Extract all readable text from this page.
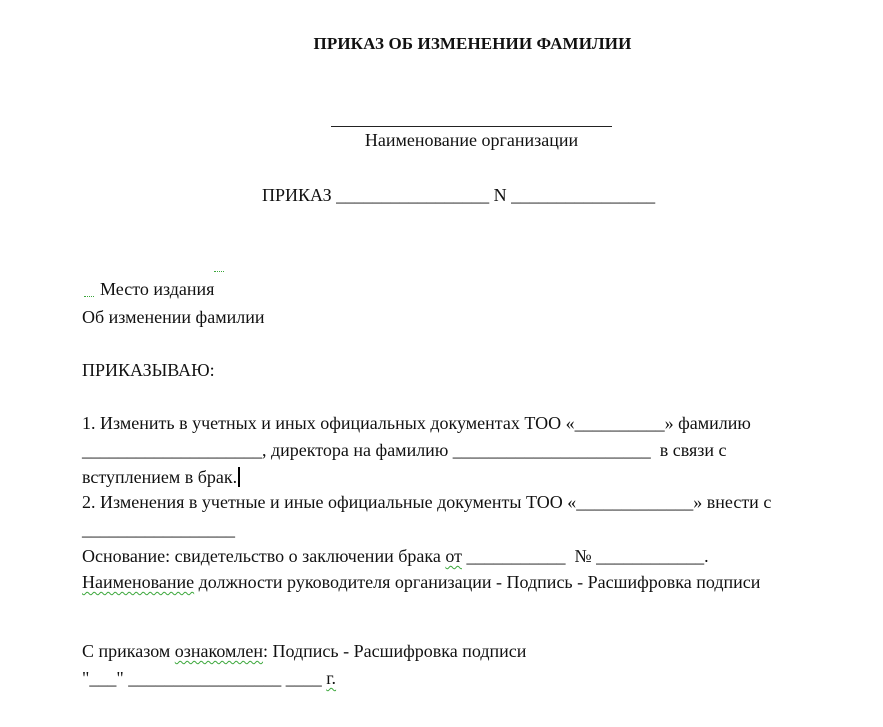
ПРИКАЗ ОБ ИЗМЕНЕНИИ ФАМИЛИИ
Наименование организации
ПРИКАЗ _________________ N ________________

Место издания

Об изменении фамилии
ПРИКАЗЫВАЮ:
1. Изменить в учетных и иных официальных документах ТОО «__________» фамилию
____________________, директора на фамилию ______________________  в связи с
вступлением в брак.
2. Изменения в учетные и иные официальные документы ТОО «_____________» внести с
_________________
Основание: свидетельство о заключении брака от ___________  № ____________.
Наименование должности руководителя организации - Подпись - Расшифровка подписи
С приказом ознакомлен: Подпись - Расшифровка подписи
"___" _________________ ____ г.
